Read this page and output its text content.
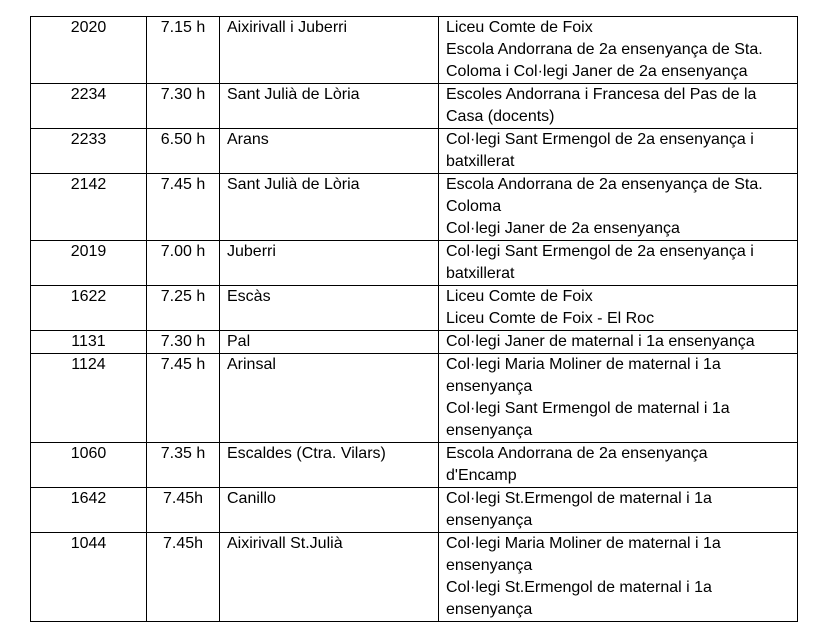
2020	7.15 h	Aixirivall i Juberri	Liceu Comte de Foix
Escola Andorrana de 2a ensenyança de Sta.
Coloma i Col·legi Janer de 2a ensenyança

2234	7.30 h	Sant Julià de Lòria	Escoles Andorrana i Francesa del Pas de la
Casa (docents)

2233	6.50 h	Arans	Col·legi Sant Ermengol de 2a ensenyança i
batxillerat

2142	7.45 h	Sant Julià de Lòria	Escola Andorrana de 2a ensenyança de Sta.
Coloma
Col·legi Janer de 2a ensenyança

2019	7.00 h	Juberri	Col·legi Sant Ermengol de 2a ensenyança i
batxillerat

1622	7.25 h	Escàs	Liceu Comte de Foix
Liceu Comte de Foix - El Roc

1131	7.30 h	Pal	Col·legi Janer de maternal i 1a ensenyança

1124	7.45 h	Arinsal	Col·legi Maria Moliner de maternal i 1a
ensenyança
Col·legi Sant Ermengol de maternal i 1a
ensenyança

1060	7.35 h	Escaldes (Ctra. Vilars)	Escola Andorrana de 2a ensenyança
d'Encamp

1642	7.45h	Canillo	Col·legi St.Ermengol de maternal i 1a
ensenyança

1044	7.45h	Aixirivall St.Julià	Col·legi Maria Moliner de maternal i 1a
ensenyança
Col·legi St.Ermengol de maternal i 1a
ensenyança
